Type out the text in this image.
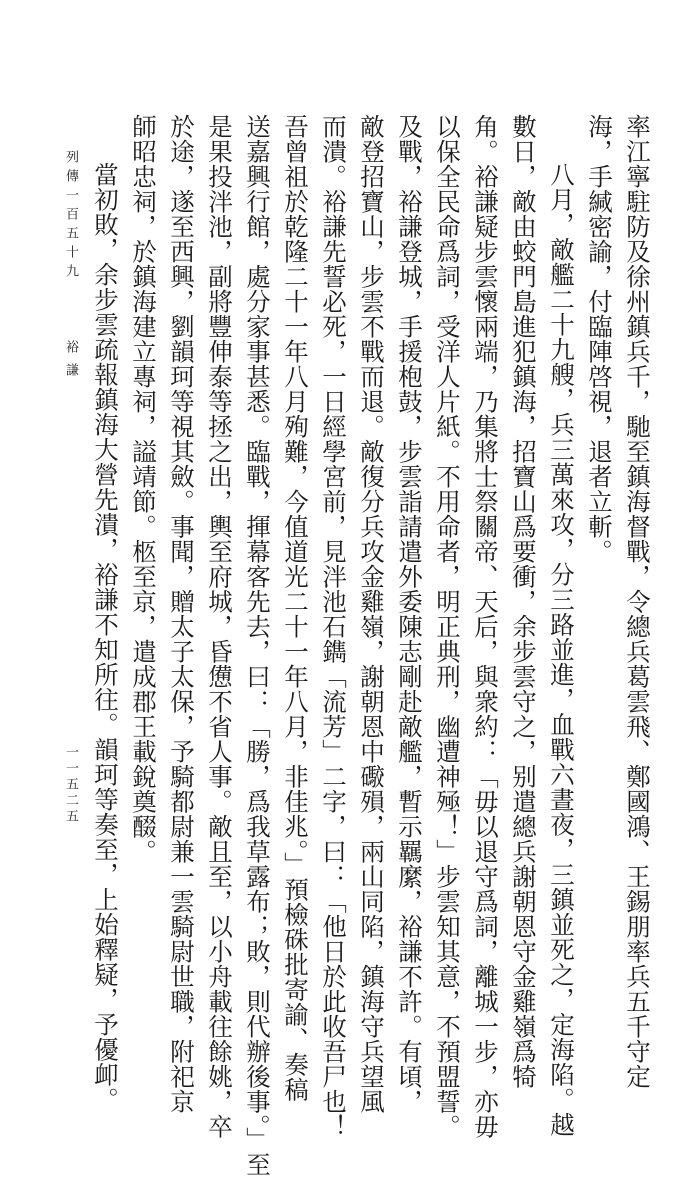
率江寧駐防及徐州鎮兵千，馳至鎮海督戰，令總兵葛雲飛、鄭國鴻、王錫朋率兵五千守定
海，手緘密諭，付臨陣啓視，退者立斬。
八月，敵艦二十九艘，兵三萬來攻，分三路並進，血戰六晝夜，三鎮並死之，定海陷。越
數日，敵由蛟門島進犯鎮海，招寶山爲要衝，余步雲守之，别遣總兵謝朝恩守金雞嶺爲犄
角。裕謙疑步雲懷兩端，乃集將士祭關帝、天后，與衆約：「毋以退守爲詞，離城一步，亦毋
以保全民命爲詞，受洋人片紙。不用命者，明正典刑，幽遭神殛！」步雲知其意，不預盟誓。
及戰，裕謙登城，手援枹鼓，步雲詣請遣外委陳志剛赴敵艦，暫示羈縻，裕謙不許。有頃，
敵登招寶山，步雲不戰而退。敵復分兵攻金雞嶺，謝朝恩中礮殞，兩山同陷，鎮海守兵望風
而潰。裕謙先誓必死，一日經學宮前，見泮池石鐫「流芳」二字，曰：「他日於此收吾尸也！
吾曾祖於乾隆二十一年八月殉難，今值道光二十一年八月，非佳兆。」預檢硃批寄諭、奏稿
送嘉興行館，處分家事甚悉。臨戰，揮幕客先去，曰：「勝，爲我草露布；敗，則代辦後事。」至
是果投泮池，副將豐伸泰等拯之出，輿至府城，昏憊不省人事。敵且至，以小舟載往餘姚，卒
於途，遂至西興，劉韻珂等視其斂。事聞，贈太子太保，予騎都尉兼一雲騎尉世職，附祀京
師昭忠祠，於鎮海建立專祠，謚靖節。柩至京，遣成郡王載銳奠醊。
當初敗，余步雲疏報鎮海大營先潰，裕謙不知所往。韻珂等奏至，上始釋疑，予優卹。
列傳一百五十九
裕謙
一一五二五
